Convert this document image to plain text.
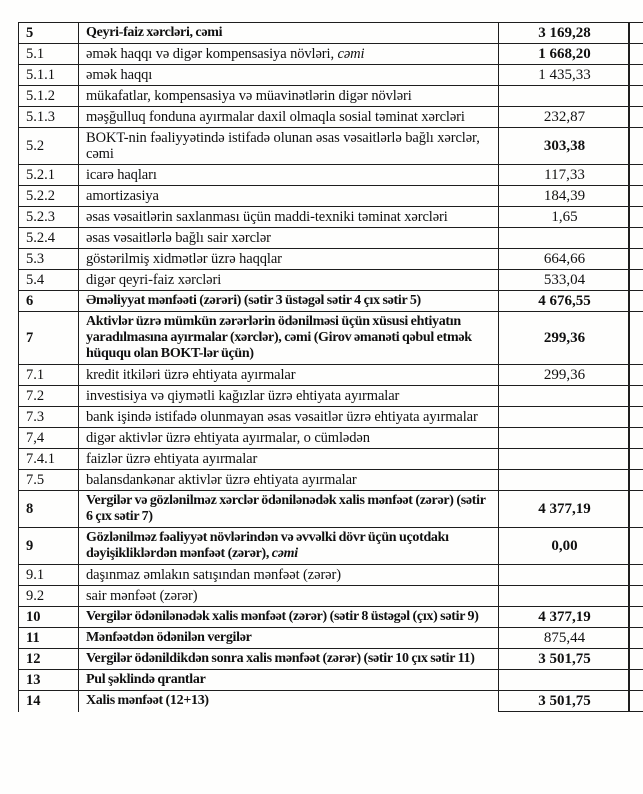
5	Qeyri-faiz xərcləri, cəmi	3 169,28
5.1	əmək haqqı və digər kompensasiya növləri, cəmi	1 668,20
5.1.1	əmək haqqı	1 435,33
5.1.2	mükafatlar, kompensasiya və müavinətlərin digər növləri	
5.1.3	məşğulluq fonduna ayırmalar daxil olmaqla sosial təminat xərcləri	232,87
5.2	BOKT-nin fəaliyyətində istifadə olunan əsas vəsaitlərlə bağlı xərclər, cəmi	303,38
5.2.1	icarə haqları	117,33
5.2.2	amortizasiya	184,39
5.2.3	əsas vəsaitlərin saxlanması üçün maddi-texniki təminat xərcləri	1,65
5.2.4	əsas vəsaitlərlə bağlı sair xərclər	
5.3	göstərilmiş xidmətlər üzrə haqqlar	664,66
5.4	digər qeyri-faiz xərcləri	533,04
6	Əməliyyat mənfəəti (zərəri) (sətir 3 üstəgəl sətir 4 çıx sətir 5)	4 676,55
7	Aktivlər üzrə mümkün zərərlərin ödənilməsi üçün xüsusi ehtiyatın yaradılmasına ayırmalar (xərclər), cəmi (Girov əmanəti qəbul etmək hüququ olan BOKT-lər üçün)	299,36
7.1	kredit itkiləri üzrə ehtiyata ayırmalar	299,36
7.2	investisiya və qiymətli kağızlar üzrə ehtiyata ayırmalar	
7.3	bank işində istifadə olunmayan əsas vəsaitlər üzrə ehtiyata ayırmalar	
7,4	digər aktivlər üzrə ehtiyata ayırmalar, o cümlədən	
7.4.1	faizlər üzrə ehtiyata ayırmalar	
7.5	balansdankənar aktivlər üzrə ehtiyata ayırmalar	
8	Vergilər və gözlənilməz xərclər ödənilənədək xalis mənfəət (zərər) (sətir 6 çıx sətir 7)	4 377,19
9	Gözlənilməz fəaliyyət növlərindən və əvvəlki dövr üçün uçotdakı dəyişikliklərdən mənfəət (zərər), cəmi	0,00
9.1	daşınmaz əmlakın satışından mənfəət (zərər)	
9.2	sair mənfəət (zərər)	
10	Vergilər ödənilənədək xalis mənfəət (zərər) (sətir 8 üstəgəl (çıx) sətir 9)	4 377,19
11	Mənfəətdən ödənilən vergilər	875,44
12	Vergilər ödənildikdən sonra xalis mənfəət (zərər) (sətir 10 çıx sətir 11)	3 501,75
13	Pul şəklində qrantlar	
14	Xalis mənfəət (12+13)	3 501,75
